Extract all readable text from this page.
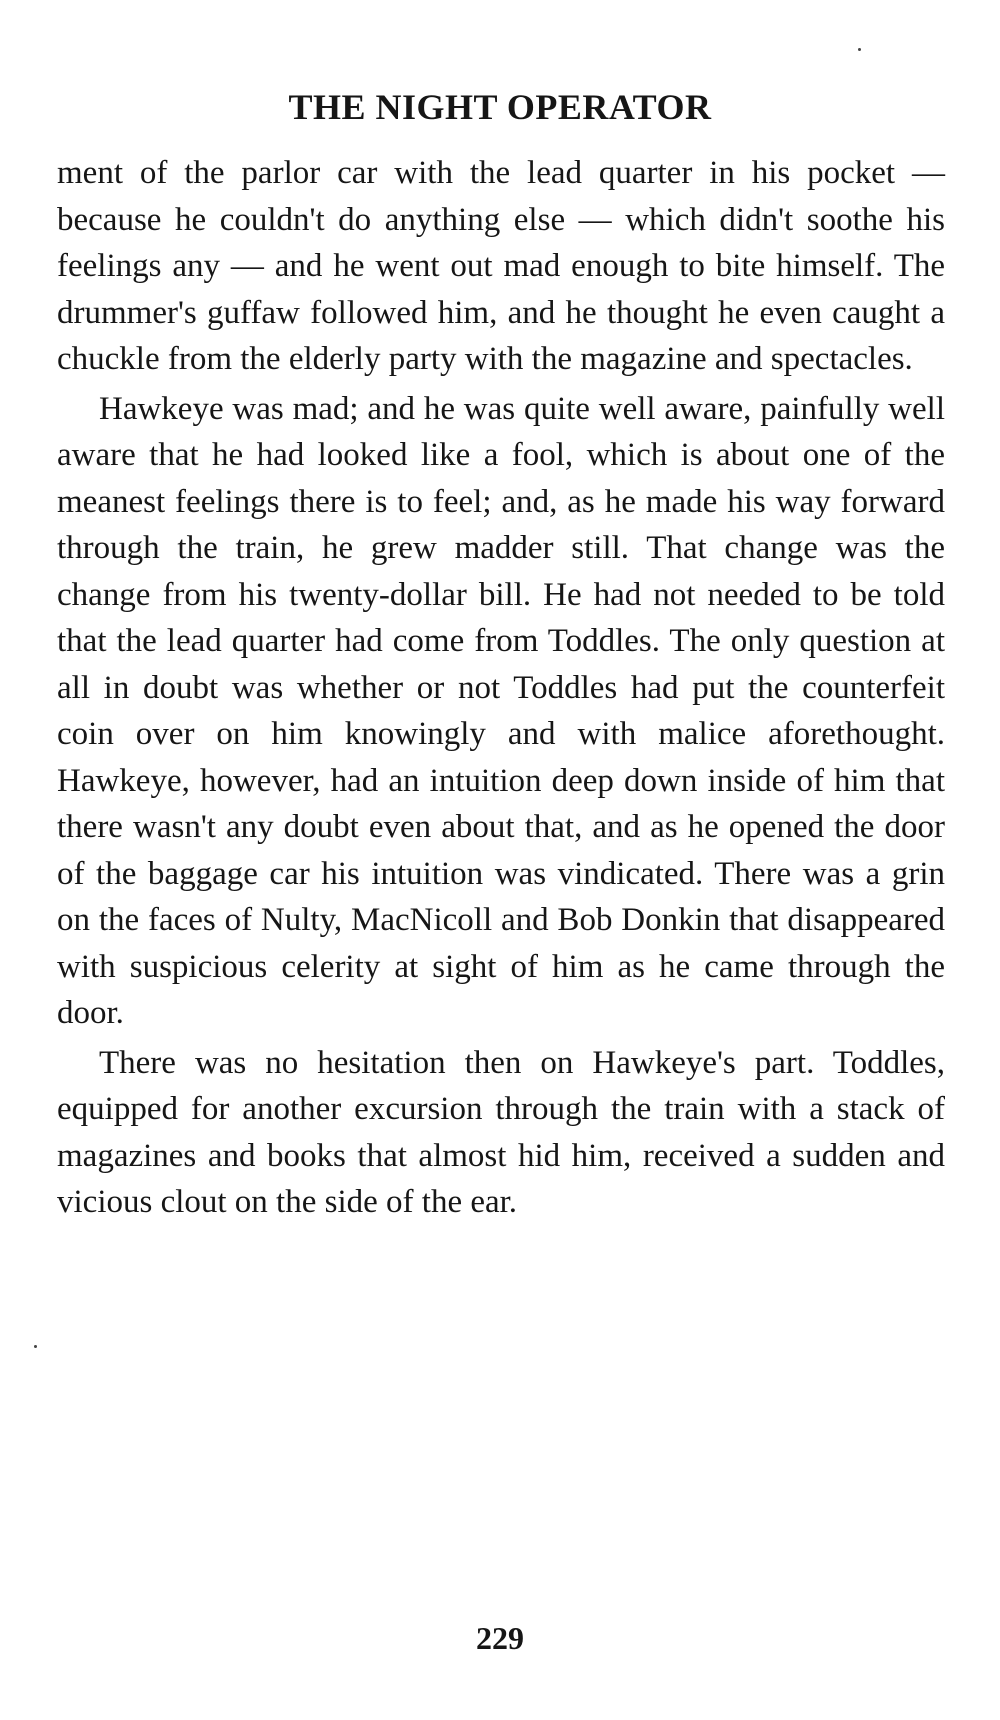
THE NIGHT OPERATOR

ment of the parlor car with the lead quarter in his pocket — because he couldn't do anything else — which didn't soothe his feelings any — and he went out mad enough to bite himself. The drummer's guffaw followed him, and he thought he even caught a chuckle from the elderly party with the magazine and spectacles.

Hawkeye was mad; and he was quite well aware, painfully well aware that he had looked like a fool, which is about one of the meanest feelings there is to feel; and, as he made his way forward through the train, he grew madder still. That change was the change from his twenty-dollar bill. He had not needed to be told that the lead quarter had come from Toddles. The only question at all in doubt was whether or not Toddles had put the counterfeit coin over on him knowingly and with malice aforethought. Hawkeye, however, had an intuition deep down inside of him that there wasn't any doubt even about that, and as he opened the door of the baggage car his intuition was vindicated. There was a grin on the faces of Nulty, MacNicoll and Bob Donkin that disappeared with suspicious celerity at sight of him as he came through the door.

There was no hesitation then on Hawkeye's part. Toddles, equipped for another excursion through the train with a stack of magazines and books that almost hid him, received a sudden and vicious clout on the side of the ear.

229
